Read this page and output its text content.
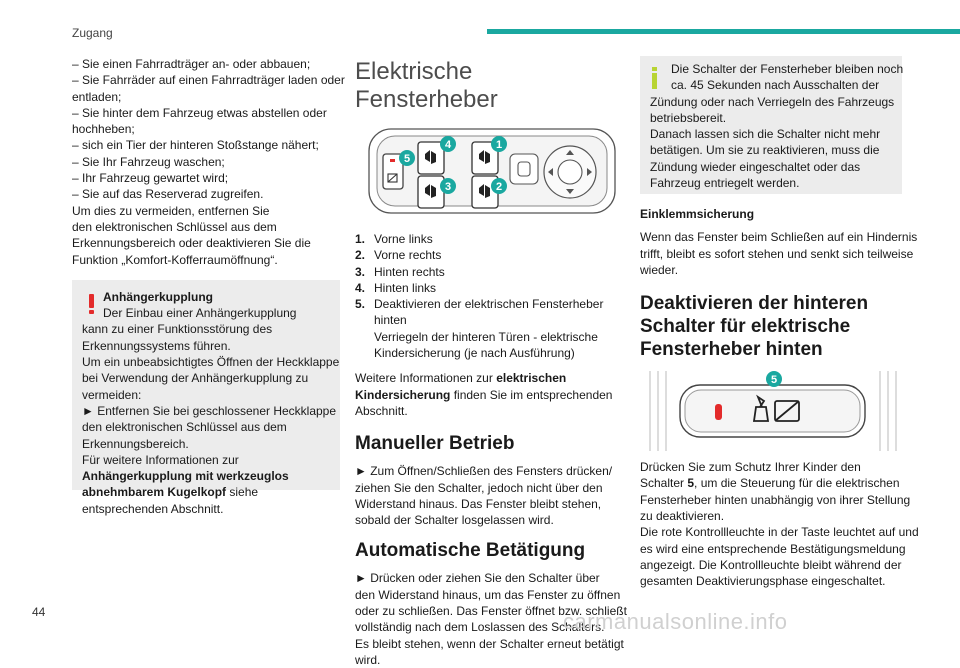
Zugang
– Sie einen Fahrradträger an- oder abbauen;
– Sie Fahrräder auf einen Fahrradträger laden oder
entladen;
– Sie hinter dem Fahrzeug etwas abstellen oder
hochheben;
– sich ein Tier der hinteren Stoßstange nähert;
– Sie Ihr Fahrzeug waschen;
– Ihr Fahrzeug gewartet wird;
– Sie auf das Reserverad zugreifen.
Um dies zu vermeiden, entfernen Sie
den elektronischen Schlüssel aus dem
Erkennungsbereich oder deaktivieren Sie die
Funktion „Komfort-Kofferraumöffnung“.
Anhängerkupplung
Der Einbau einer Anhängerkupplung
kann zu einer Funktionsstörung des
Erkennungssystems führen.
Um ein unbeabsichtigtes Öffnen der Heckklappe
bei Verwendung der Anhängerkupplung zu
vermeiden:
► Entfernen Sie bei geschlossener Heckklappe
den elektronischen Schlüssel aus dem
Erkennungsbereich.
Für weitere Informationen zur
Anhängerkupplung mit werkzeuglos
abnehmbarem Kugelkopf siehe
entsprechenden Abschnitt.
Elektrische Fensterheber
4	1
5
3	2
1. Vorne links
2. Vorne rechts
3. Hinten rechts
4. Hinten links
5. Deaktivieren der elektrischen Fensterheber
hinten
Verriegeln der hinteren Türen - elektrische
Kindersicherung (je nach Ausführung)
Weitere Informationen zur elektrischen
Kindersicherung finden Sie im entsprechenden
Abschnitt.
Manueller Betrieb
► Zum Öffnen/Schließen des Fensters drücken/
ziehen Sie den Schalter, jedoch nicht über den
Widerstand hinaus. Das Fenster bleibt stehen,
sobald der Schalter losgelassen wird.
Automatische Betätigung
► Drücken oder ziehen Sie den Schalter über
den Widerstand hinaus, um das Fenster zu öffnen
oder zu schließen. Das Fenster öffnet bzw. schließt
vollständig nach dem Loslassen des Schalters.
Es bleibt stehen, wenn der Schalter erneut betätigt
wird.
Die Schalter der Fensterheber bleiben noch
ca. 45 Sekunden nach Ausschalten der
Zündung oder nach Verriegeln des Fahrzeugs
betriebsbereit.
Danach lassen sich die Schalter nicht mehr
betätigen. Um sie zu reaktivieren, muss die
Zündung wieder eingeschaltet oder das
Fahrzeug entriegelt werden.
Einklemmsicherung
Wenn das Fenster beim Schließen auf ein Hindernis
trifft, bleibt es sofort stehen und senkt sich teilweise
wieder.
Deaktivieren der hinteren
Schalter für elektrische
Fensterheber hinten
5
Drücken Sie zum Schutz Ihrer Kinder den
Schalter 5, um die Steuerung für die elektrischen
Fensterheber hinten unabhängig von ihrer Stellung
zu deaktivieren.
Die rote Kontrollleuchte in der Taste leuchtet auf und
es wird eine entsprechende Bestätigungsmeldung
angezeigt. Die Kontrollleuchte bleibt während der
gesamten Deaktivierungsphase eingeschaltet.
44	carmanualsonline.info
